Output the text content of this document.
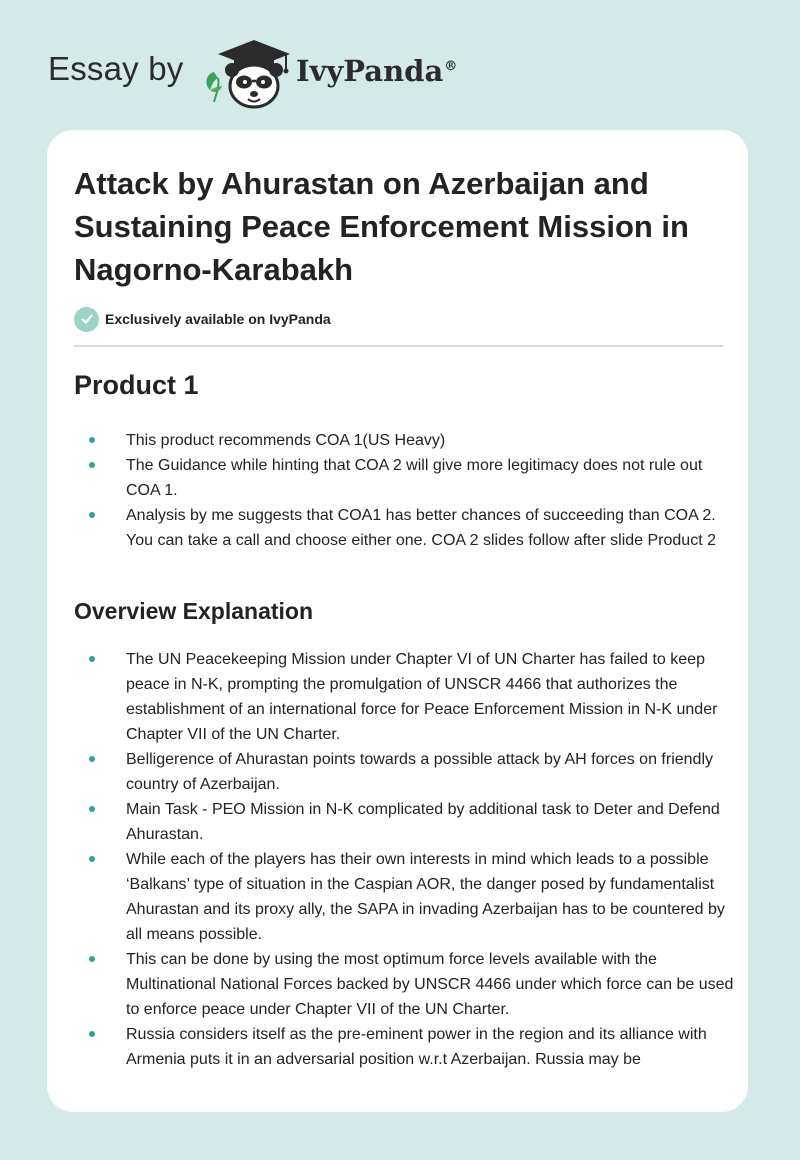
Essay by	IvyPanda®
Attack by Ahurastan on Azerbaijan and Sustaining Peace Enforcement Mission in Nagorno-Karabakh
Exclusively available on IvyPanda
Product 1
This product recommends COA 1(US Heavy)
The Guidance while hinting that COA 2 will give more legitimacy does not rule out COA 1.
Analysis by me suggests that COA1 has better chances of succeeding than COA 2. You can take a call and choose either one. COA 2 slides follow after slide Product 2
Overview Explanation
The UN Peacekeeping Mission under Chapter VI of UN Charter has failed to keep peace in N-K, prompting the promulgation of UNSCR 4466 that authorizes the establishment of an international force for Peace Enforcement Mission in N-K under Chapter VII of the UN Charter.
Belligerence of Ahurastan points towards a possible attack by AH forces on friendly country of Azerbaijan.
Main Task - PEO Mission in N-K complicated by additional task to Deter and Defend Ahurastan.
While each of the players has their own interests in mind which leads to a possible ‘Balkans’ type of situation in the Caspian AOR, the danger posed by fundamentalist Ahurastan and its proxy ally, the SAPA in invading Azerbaijan has to be countered by all means possible.
This can be done by using the most optimum force levels available with the Multinational National Forces backed by UNSCR 4466 under which force can be used to enforce peace under Chapter VII of the UN Charter.
Russia considers itself as the pre-eminent power in the region and its alliance with Armenia puts it in an adversarial position w.r.t Azerbaijan. Russia may be
